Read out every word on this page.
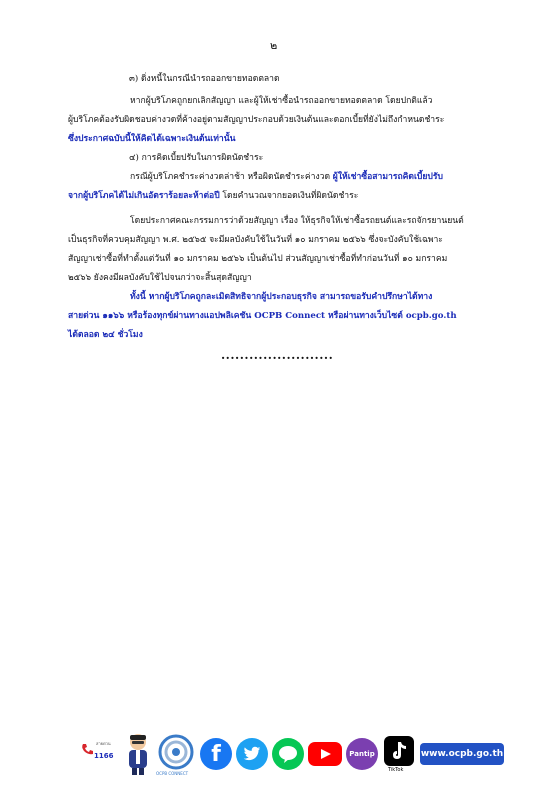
๒

๓) ดิ่งหนี้ในกรณีนำรถออกขายทอดตลาด

หากผู้บริโภคถูกยกเลิกสัญญา และผู้ให้เช่าซื้อนำรถออกขายทอดตลาด โดยปกติแล้ว
ผู้บริโภคต้องรับผิดชอบค่างวดที่ค้างอยู่ตามสัญญาประกอบด้วยเงินต้นและดอกเบี้ยที่ยังไม่ถึงกำหนดชำระ
ซึ่งประกาศฉบับนี้ให้คิดได้เฉพาะเงินต้นเท่านั้น

๔) การคิดเบี้ยปรับในการผิดนัดชำระ

กรณีผู้บริโภคชำระค่างวดล่าช้า หรือผิดนัดชำระค่างวด ผู้ให้เช่าซื้อสามารถคิดเบี้ยปรับ
จากผู้บริโภคได้ไม่เกินอัตราร้อยละห้าต่อปี โดยคำนวณจากยอดเงินที่ผิดนัดชำระ

โดยประกาศคณะกรรมการว่าด้วยสัญญา เรื่อง ให้ธุรกิจให้เช่าซื้อรถยนต์และรถจักรยานยนต์
เป็นธุรกิจที่ควบคุมสัญญา พ.ศ. ๒๕๖๕ จะมีผลบังคับใช้ในวันที่ ๑๐ มกราคม ๒๕๖๖ ซึ่งจะบังคับใช้เฉพาะ
สัญญาเช่าซื้อที่ทำตั้งแต่วันที่ ๑๐ มกราคม ๒๕๖๖ เป็นต้นไป ส่วนสัญญาเช่าซื้อที่ทำก่อนวันที่ ๑๐ มกราคม
๒๕๖๖ ยังคงมีผลบังคับใช้ไปจนกว่าจะสิ้นสุดสัญญา

ทั้งนี้ หากผู้บริโภคถูกละเมิดสิทธิจากผู้ประกอบธุรกิจ สามารถขอรับคำปรึกษาได้ทาง
สายด่วน ๑๑๖๖ หรือร้องทุกข์ผ่านทางแอปพลิเคชัน OCPB Connect หรือผ่านทางเว็บไซต์ ocpb.go.th
ได้ตลอด ๒๔ ชั่วโมง

........................
สายด่วน
1166
OCPB CONNECT
f	Pantip
TikTok
www.ocpb.go.th
